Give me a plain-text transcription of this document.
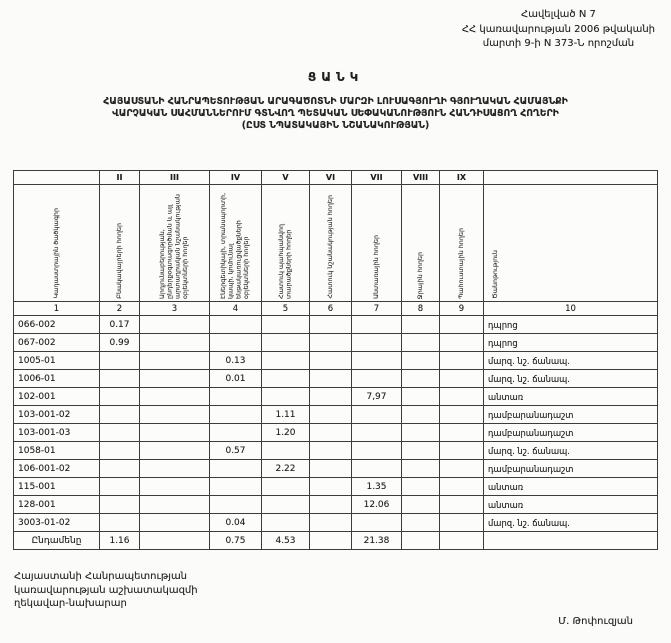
Հավելված N 7
ՀՀ կառավարության 2006 թվականի
մարտի 9-ի N 373-Ն որոշման
ՑԱՆԿ
ՀԱՅԱՍՏԱՆԻ ՀԱՆՐԱՊԵՏՈՒԹՅԱՆ ԱՐԱԳԱԾՈՏՆԻ ՄԱՐԶԻ ԼՈՒՍԱԳՅՈՒՂԻ ԳՅՈՒՂԱԿԱՆ ՀԱՄԱՅՆՔԻ
ՎԱՐՉԱԿԱՆ ՍԱՀՄԱՆՆԵՐՈՒՄ ԳՏՆՎՈՂ ՊԵՏԱԿԱՆ ՍԵՓԱԿԱՆՈՒԹՅՈՒՆ ՀԱՆԴԻՍԱՑՈՂ ՀՈՂԵՐԻ
(ԸՍՏ ՆՊԱՏԱԿԱՅԻՆ ՆՇԱՆԱԿՈՒԹՅԱՆ)
	II	III	IV	V	VI	VII	VIII	IX	

Կադաստրային ծածկագիր	Բնակավայրերի հողեր	Արդյունաբերության, ընդերքօգտագործման և այլ արտադրական նշանակության օբյեկտների հողեր	Էներգետիկայի, տրանսպորտի, կապի, կոմունալ ենթակառուցվածքների օբյեկտների հողեր	Հատուկ պահպանվող տարածքների հողեր	Հատուկ նշանակության հողեր	Անտառային հողեր	Ջրային հողեր	Պահուստային հողեր	Ծանոթություն

1	2	3	4	5	6	7	8	9	10
066-002	0.17								դպրոց
067-002	0.99								դպրոց
1005-01			0.13						մարզ. նշ. ճանապ.
1006-01			0.01						մարզ. նշ. ճանապ.
102-001						7,97			անտառ
103-001-02				1.11					դամբարանադաշտ
103-001-03				1.20					դամբարանադաշտ
1058-01			0.57						մարզ. նշ. ճանապ.
106-001-02				2.22					դամբարանադաշտ
115-001						1.35			անտառ
128-001						12.06			անտառ
3003-01-02			0.04						մարզ. նշ. ճանապ.
Ընդամենը	1.16		0.75	4.53		21.38			
Հայաստանի Հանրապետության
կառավարության աշխատակազմի
ղեկավար-նախարար
Մ. Թոփուզյան
